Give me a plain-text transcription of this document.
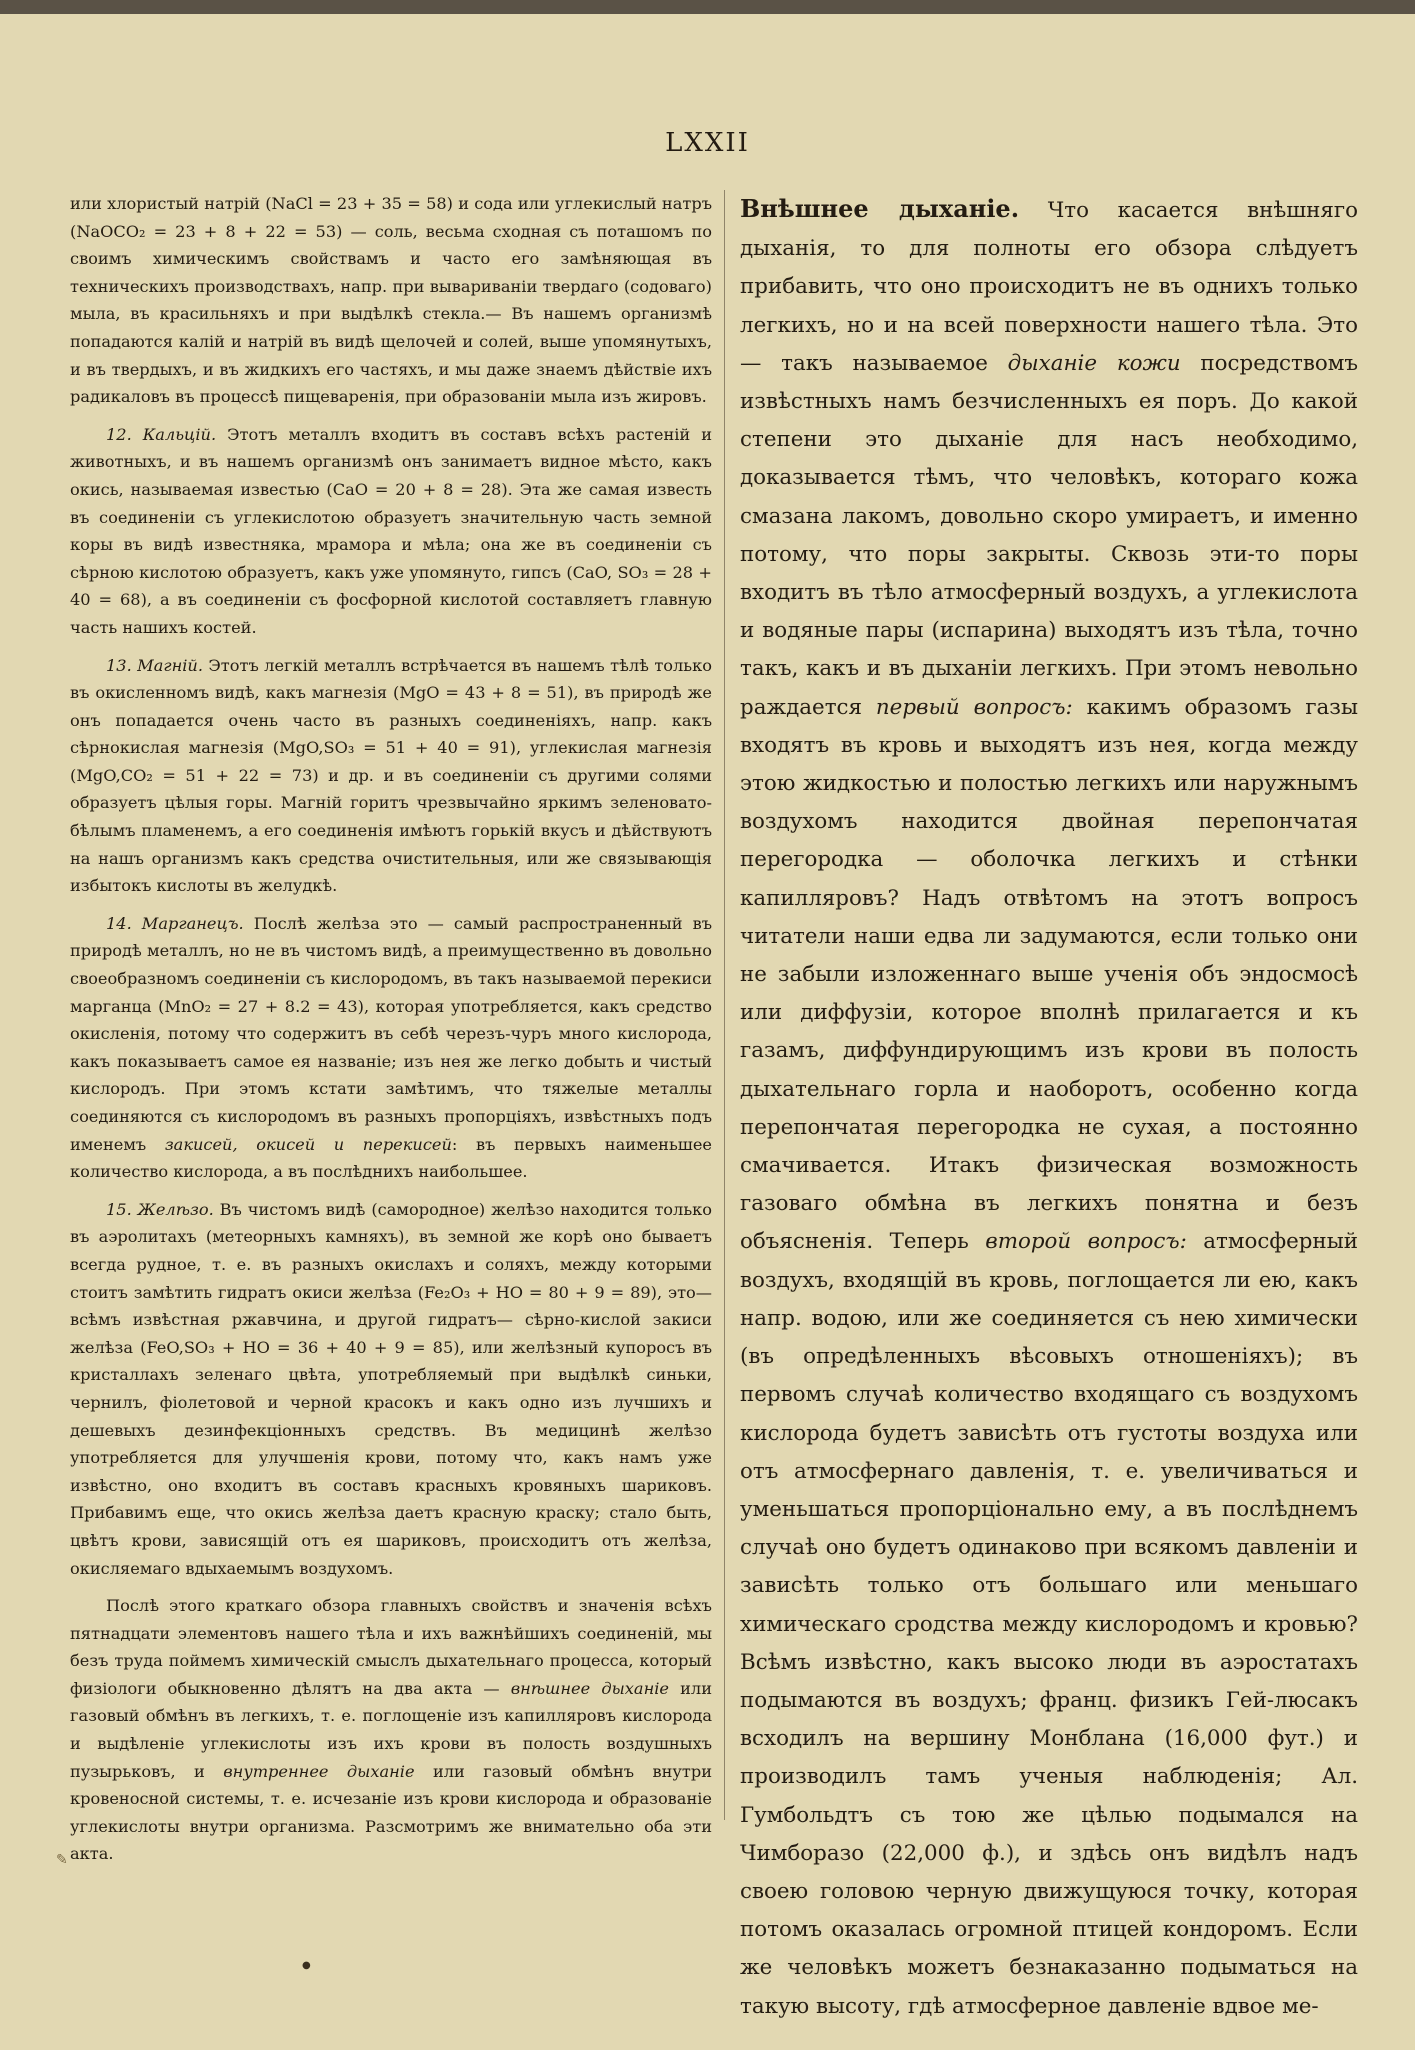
LXXII

или хлористый натрій (NaCl = 23 + 35 = 58) и сода или углекислый натръ (NaOCO₂ = 23 + 8 + 22 = 53) — соль, весьма сходная съ поташомъ по своимъ химическимъ свойствамъ и часто его замѣняющая въ техническихъ производствахъ, напр. при вывариваніи твердаго (содоваго) мыла, въ красильняхъ и при выдѣлкѣ стекла.— Въ нашемъ организмѣ попадаются калій и натрій въ видѣ щелочей и солей, выше упомянутыхъ, и въ твердыхъ, и въ жидкихъ его частяхъ, и мы даже знаемъ дѣйствіе ихъ радикаловъ въ процессѣ пищеваренія, при образованіи мыла изъ жировъ.

12. Кальцій. Этотъ металлъ входитъ въ составъ всѣхъ растеній и животныхъ, и въ нашемъ организмѣ онъ занимаетъ видное мѣсто, какъ окись, называемая известью (CaO = 20 + 8 = 28). Эта же самая известь въ соединеніи съ углекислотою образуетъ значительную часть земной коры въ видѣ известняка, мрамора и мѣла; она же въ соединеніи съ сѣрною кислотою образуетъ, какъ уже упомянуто, гипсъ (CaO, SO₃ = 28 + 40 = 68), а въ соединеніи съ фосфорной кислотой составляетъ главную часть нашихъ костей.

13. Магній. Этотъ легкій металлъ встрѣчается въ нашемъ тѣлѣ только въ окисленномъ видѣ, какъ магнезія (MgO = 43 + 8 = 51), въ природѣ же онъ попадается очень часто въ разныхъ соединеніяхъ, напр. какъ сѣрнокислая магнезія (MgO,SO₃ = 51 + 40 = 91), углекислая магнезія (MgO,CO₂ = 51 + 22 = 73) и др. и въ соединеніи съ другими солями образуетъ цѣлыя горы. Магній горитъ чрезвычайно яркимъ зеленовато-бѣлымъ пламенемъ, а его соединенія имѣютъ горькій вкусъ и дѣйствуютъ на нашъ организмъ какъ средства очистительныя, или же связывающія избытокъ кислоты въ желудкѣ.

14. Марганецъ. Послѣ желѣза это — самый распространенный въ природѣ металлъ, но не въ чистомъ видѣ, а преимущественно въ довольно своеобразномъ соединеніи съ кислородомъ, въ такъ называемой перекиси марганца (MnO₂ = 27 + 8.2 = 43), которая употребляется, какъ средство окисленія, потому что содержитъ въ себѣ черезъ-чуръ много кислорода, какъ показываетъ самое ея названіе; изъ нея же легко добыть и чистый кислородъ. При этомъ кстати замѣтимъ, что тяжелые металлы соединяются съ кислородомъ въ разныхъ пропорціяхъ, извѣстныхъ подъ именемъ закисей, окисей и перекисей: въ первыхъ наименьшее количество кислорода, а въ послѣднихъ наибольшее.

15. Желѣзо. Въ чистомъ видѣ (самородное) желѣзо находится только въ аэролитахъ (метеорныхъ камняхъ), въ земной же корѣ оно бываетъ всегда рудное, т. е. въ разныхъ окислахъ и соляхъ, между которыми стоитъ замѣтить гидратъ окиси желѣза (Fe₂O₃ + HO = 80 + 9 = 89), это—всѣмъ извѣстная ржавчина, и другой гидратъ— сѣрно-кислой закиси желѣза (FeO,SO₃ + HO = 36 + 40 + 9 = 85), или желѣзный купоросъ въ кристаллахъ зеленаго цвѣта, употребляемый при выдѣлкѣ синьки, чернилъ, фіолетовой и черной красокъ и какъ одно изъ лучшихъ и дешевыхъ дезинфекціонныхъ средствъ. Въ медицинѣ желѣзо употребляется для улучшенія крови, потому что, какъ намъ уже извѣстно, оно входитъ въ составъ красныхъ кровяныхъ шариковъ. Прибавимъ еще, что окись желѣза даетъ красную краску; стало быть, цвѣтъ крови, зависящій отъ ея шариковъ, происходитъ отъ желѣза, окисляемаго вдыхаемымъ воздухомъ.

Послѣ этого краткаго обзора главныхъ свойствъ и значенія всѣхъ пятнадцати элементовъ нашего тѣла и ихъ важнѣйшихъ соединеній, мы безъ труда поймемъ химическій смыслъ дыхательнаго процесса, который физіологи обыкновенно дѣлятъ на два акта — внѣшнее дыханіе или газовый обмѣнъ въ легкихъ, т. е. поглощеніе изъ капилляровъ кислорода и выдѣленіе углекислоты изъ ихъ крови въ полость воздушныхъ пузырьковъ, и внутреннее дыханіе или газовый обмѣнъ внутри кровеносной системы, т. е. исчезаніе изъ крови кислорода и образованіе углекислоты внутри организма. Разсмотримъ же внимательно оба эти акта.

Внѣшнее дыханіе. Что касается внѣшняго дыханія, то для полноты его обзора слѣдуетъ прибавить, что оно происходитъ не въ однихъ только легкихъ, но и на всей поверхности нашего тѣла. Это — такъ называемое дыханіе кожи посредствомъ извѣстныхъ намъ безчисленныхъ ея поръ. До какой степени это дыханіе для насъ необходимо, доказывается тѣмъ, что человѣкъ, котораго кожа смазана лакомъ, довольно скоро умираетъ, и именно потому, что поры закрыты. Сквозь эти-то поры входитъ въ тѣло атмосферный воздухъ, а углекислота и водяные пары (испарина) выходятъ изъ тѣла, точно такъ, какъ и въ дыханіи легкихъ. При этомъ невольно раждается первый вопросъ: какимъ образомъ газы входятъ въ кровь и выходятъ изъ нея, когда между этою жидкостью и полостью легкихъ или наружнымъ воздухомъ находится двойная перепончатая перегородка — оболочка легкихъ и стѣнки капилляровъ? Надъ отвѣтомъ на этотъ вопросъ читатели наши едва ли задумаются, если только они не забыли изложеннаго выше ученія объ эндосмосѣ или диффузіи, которое вполнѣ прилагается и къ газамъ, диффундирующимъ изъ крови въ полость дыхательнаго горла и наоборотъ, особенно когда перепончатая перегородка не сухая, а постоянно смачивается. Итакъ физическая возможность газоваго обмѣна въ легкихъ понятна и безъ объясненія. Теперь второй вопросъ: атмосферный воздухъ, входящій въ кровь, поглощается ли ею, какъ напр. водою, или же соединяется съ нею химически (въ опредѣленныхъ вѣсовыхъ отношеніяхъ); въ первомъ случаѣ количество входящаго съ воздухомъ кислорода будетъ зависѣть отъ густоты воздуха или отъ атмосфернаго давленія, т. е. увеличиваться и уменьшаться пропорціонально ему, а въ послѣднемъ случаѣ оно будетъ одинаково при всякомъ давленіи и зависѣть только отъ большаго или меньшаго химическаго сродства между кислородомъ и кровью? Всѣмъ извѣстно, какъ высоко люди въ аэростатахъ подымаются въ воздухъ; франц. физикъ Гей-люсакъ всходилъ на вершину Монблана (16,000 фут.) и производилъ тамъ ученыя наблюденія; Ал. Гумбольдтъ съ тою же цѣлью подымался на Чимборазо (22,000 ф.), и здѣсь онъ видѣлъ надъ своею головою черную движущуюся точку, которая потомъ оказалась огромной птицей кондоромъ. Если же человѣкъ можетъ безнаказанно подыматься на такую высоту, гдѣ атмосферное давленіе вдвое ме-

✎
●
